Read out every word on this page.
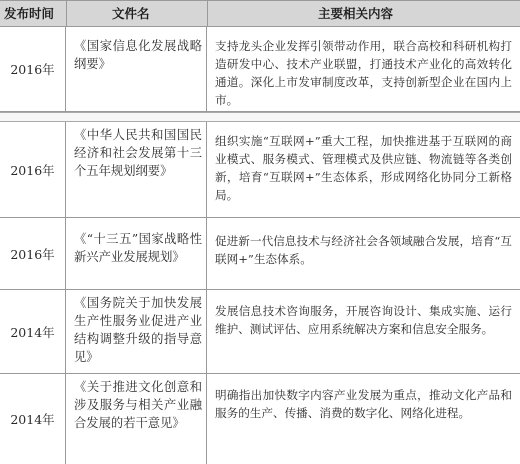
发布时间	文件名	主要相关内容
2016年
《国家信息化发展战略纲要》
支持龙头企业发挥引领带动作用，联合高校和科研机构打造研发中心、技术产业联盟，打通技术产业化的高效转化通道。深化上市发审制度改革，支持创新型企业在国内上市。
2016年
《中华人民共和国国民经济和社会发展第十三个五年规划纲要》
组织实施“互联网+”重大工程，加快推进基于互联网的商业模式、服务模式、管理模式及供应链、物流链等各类创新，培育“互联网+”生态体系，形成网络化协同分工新格局。
2016年
《“十三五”国家战略性新兴产业发展规划》
促进新一代信息技术与经济社会各领域融合发展，培育“互联网+”生态体系。
2014年
《国务院关于加快发展生产性服务业促进产业结构调整升级的指导意见》
发展信息技术咨询服务，开展咨询设计、集成实施、运行维护、测试评估、应用系统解决方案和信息安全服务。
2014年
《关于推进文化创意和涉及服务与相关产业融合发展的若干意见》
明确指出加快数字内容产业发展为重点，推动文化产品和服务的生产、传播、消费的数字化、网络化进程。
